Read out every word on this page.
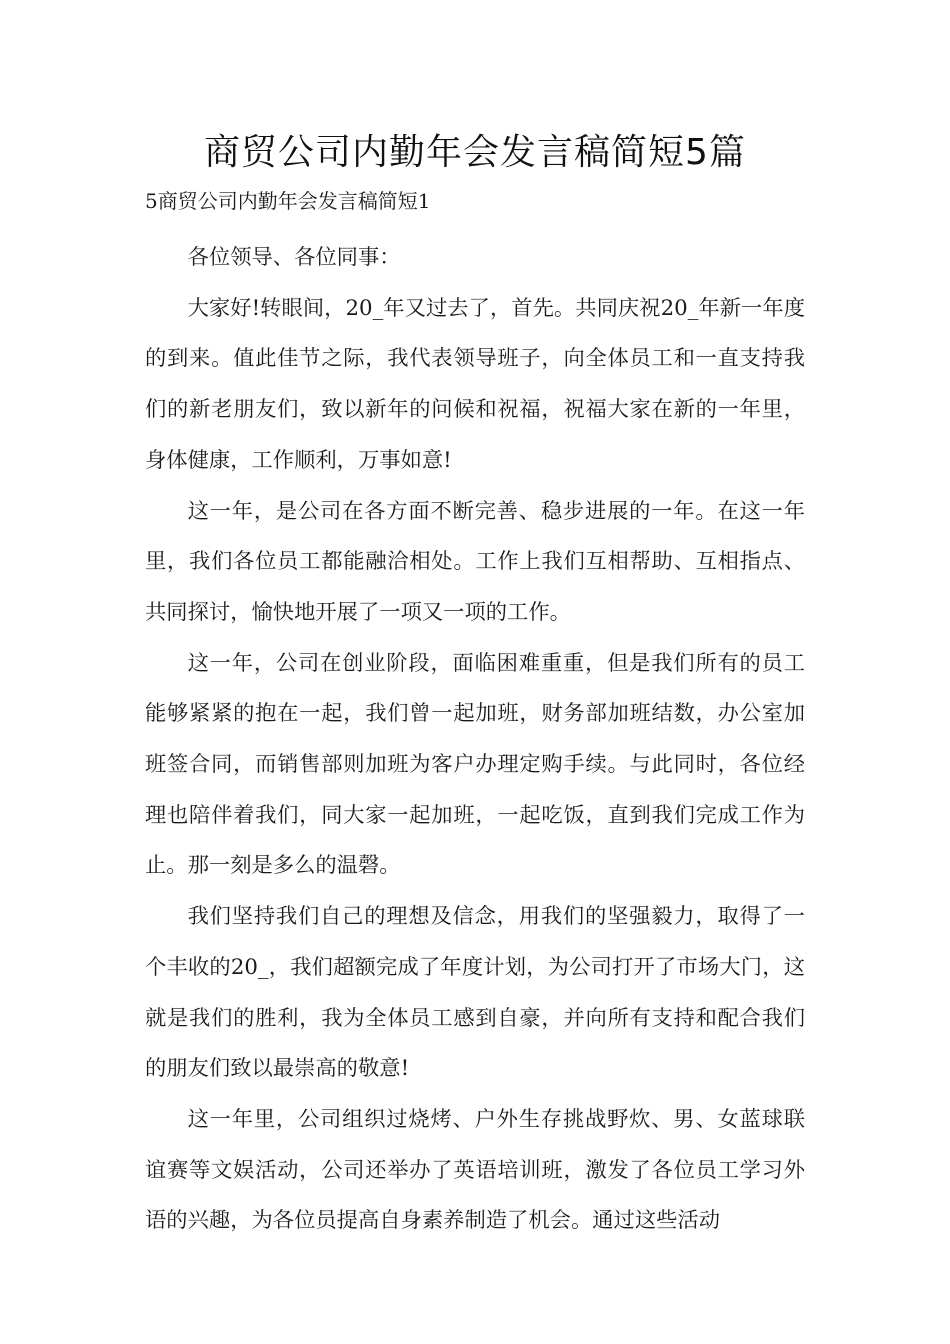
商贸公司内勤年会发言稿简短5篇

5商贸公司内勤年会发言稿简短1

各位领导、各位同事：

大家好!转眼间，20_年又过去了，首先。共同庆祝20_年新一年度的到来。值此佳节之际，我代表领导班子，向全体员工和一直支持我们的新老朋友们，致以新年的问候和祝福，祝福大家在新的一年里，身体健康，工作顺利，万事如意!

这一年，是公司在各方面不断完善、稳步进展的一年。在这一年里，我们各位员工都能融洽相处。工作上我们互相帮助、互相指点、共同探讨，愉快地开展了一项又一项的工作。

这一年，公司在创业阶段，面临困难重重，但是我们所有的员工能够紧紧的抱在一起，我们曾一起加班，财务部加班结数，办公室加班签合同，而销售部则加班为客户办理定购手续。与此同时，各位经理也陪伴着我们，同大家一起加班，一起吃饭，直到我们完成工作为止。那一刻是多么的温磬。

我们坚持我们自己的理想及信念，用我们的坚强毅力，取得了一个丰收的20_，我们超额完成了年度计划，为公司打开了市场大门，这就是我们的胜利，我为全体员工感到自豪，并向所有支持和配合我们的朋友们致以最崇高的敬意!

这一年里，公司组织过烧烤、户外生存挑战野炊、男、女蓝球联谊赛等文娱活动，公司还举办了英语培训班，激发了各位员工学习外语的兴趣，为各位员提高自身素养制造了机会。通过这些活动
